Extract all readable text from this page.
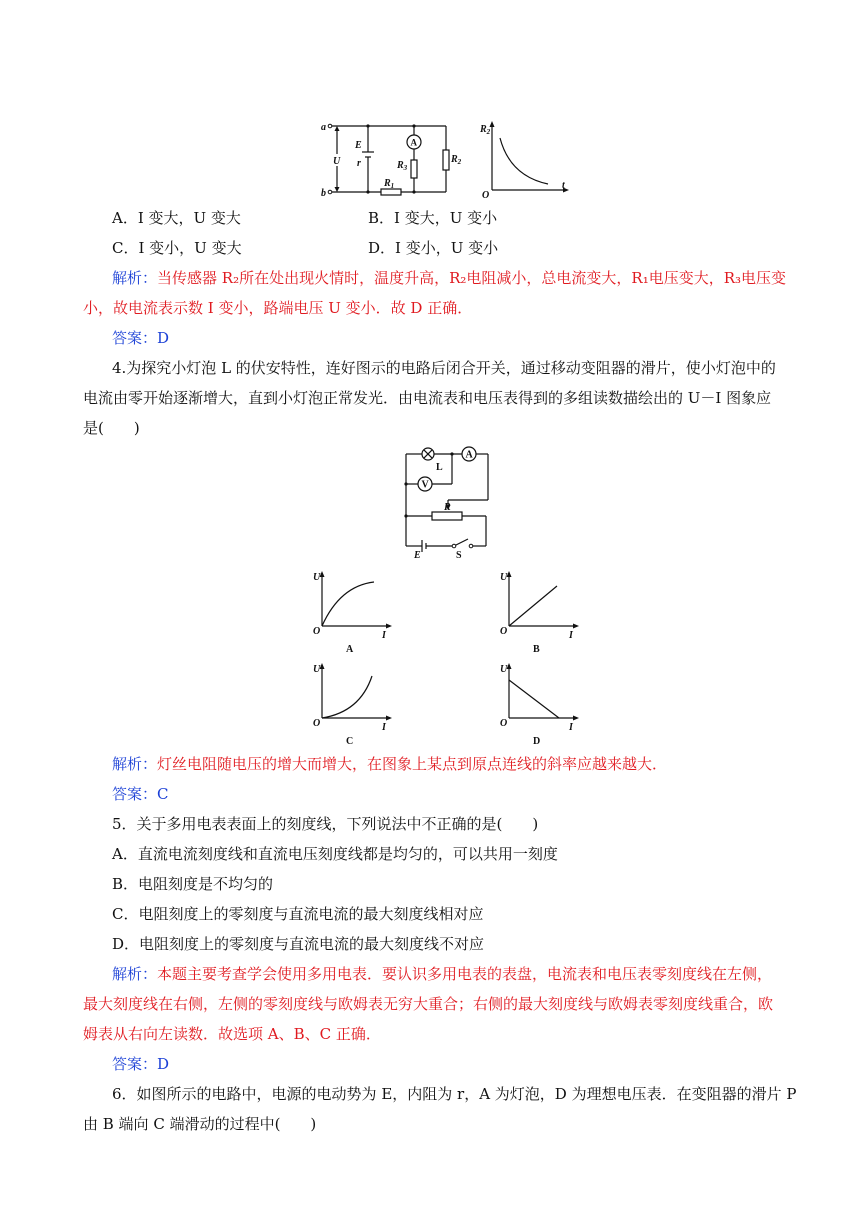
a
b
U
E
r	$R_3$
$R_2$
$R_1$
A
$R_2$
O
t
A．I 变大，U 变大	B．I 变大，U 变小
C．I 变小，U 变大	D．I 变小，U 变小
解析：当传感器 R₂所在处出现火情时，温度升高，R₂电阻减小，总电流变大，R₁电压变大，R₃电压变
小，故电流表示数 I 变小，路端电压 U 变小．故 D 正确．
答案：D
4.为探究小灯泡 L 的伏安特性，连好图示的电路后闭合开关，通过移动变阻器的滑片，使小灯泡中的
电流由零开始逐渐增大，直到小灯泡正常发光．由电流表和电压表得到的多组读数描绘出的 U－I 图象应
是(　　)
A
V
L
R
E	S
U
O	I
A
U
O	I
B
U
O	I
C
U
O	I
D
解析：灯丝电阻随电压的增大而增大，在图象上某点到原点连线的斜率应越来越大．
答案：C
5．关于多用电表表面上的刻度线，下列说法中不正确的是(　　)
A．直流电流刻度线和直流电压刻度线都是均匀的，可以共用一刻度
B．电阻刻度是不均匀的
C．电阻刻度上的零刻度与直流电流的最大刻度线相对应
D．电阻刻度上的零刻度与直流电流的最大刻度线不对应
解析：本题主要考查学会使用多用电表．要认识多用电表的表盘，电流表和电压表零刻度线在左侧，
最大刻度线在右侧，左侧的零刻度线与欧姆表无穷大重合；右侧的最大刻度线与欧姆表零刻度线重合，欧
姆表从右向左读数．故选项 A、B、C 正确．
答案：D
6．如图所示的电路中，电源的电动势为 E，内阻为 r，A 为灯泡，D 为理想电压表．在变阻器的滑片 P
由 B 端向 C 端滑动的过程中(　　)
